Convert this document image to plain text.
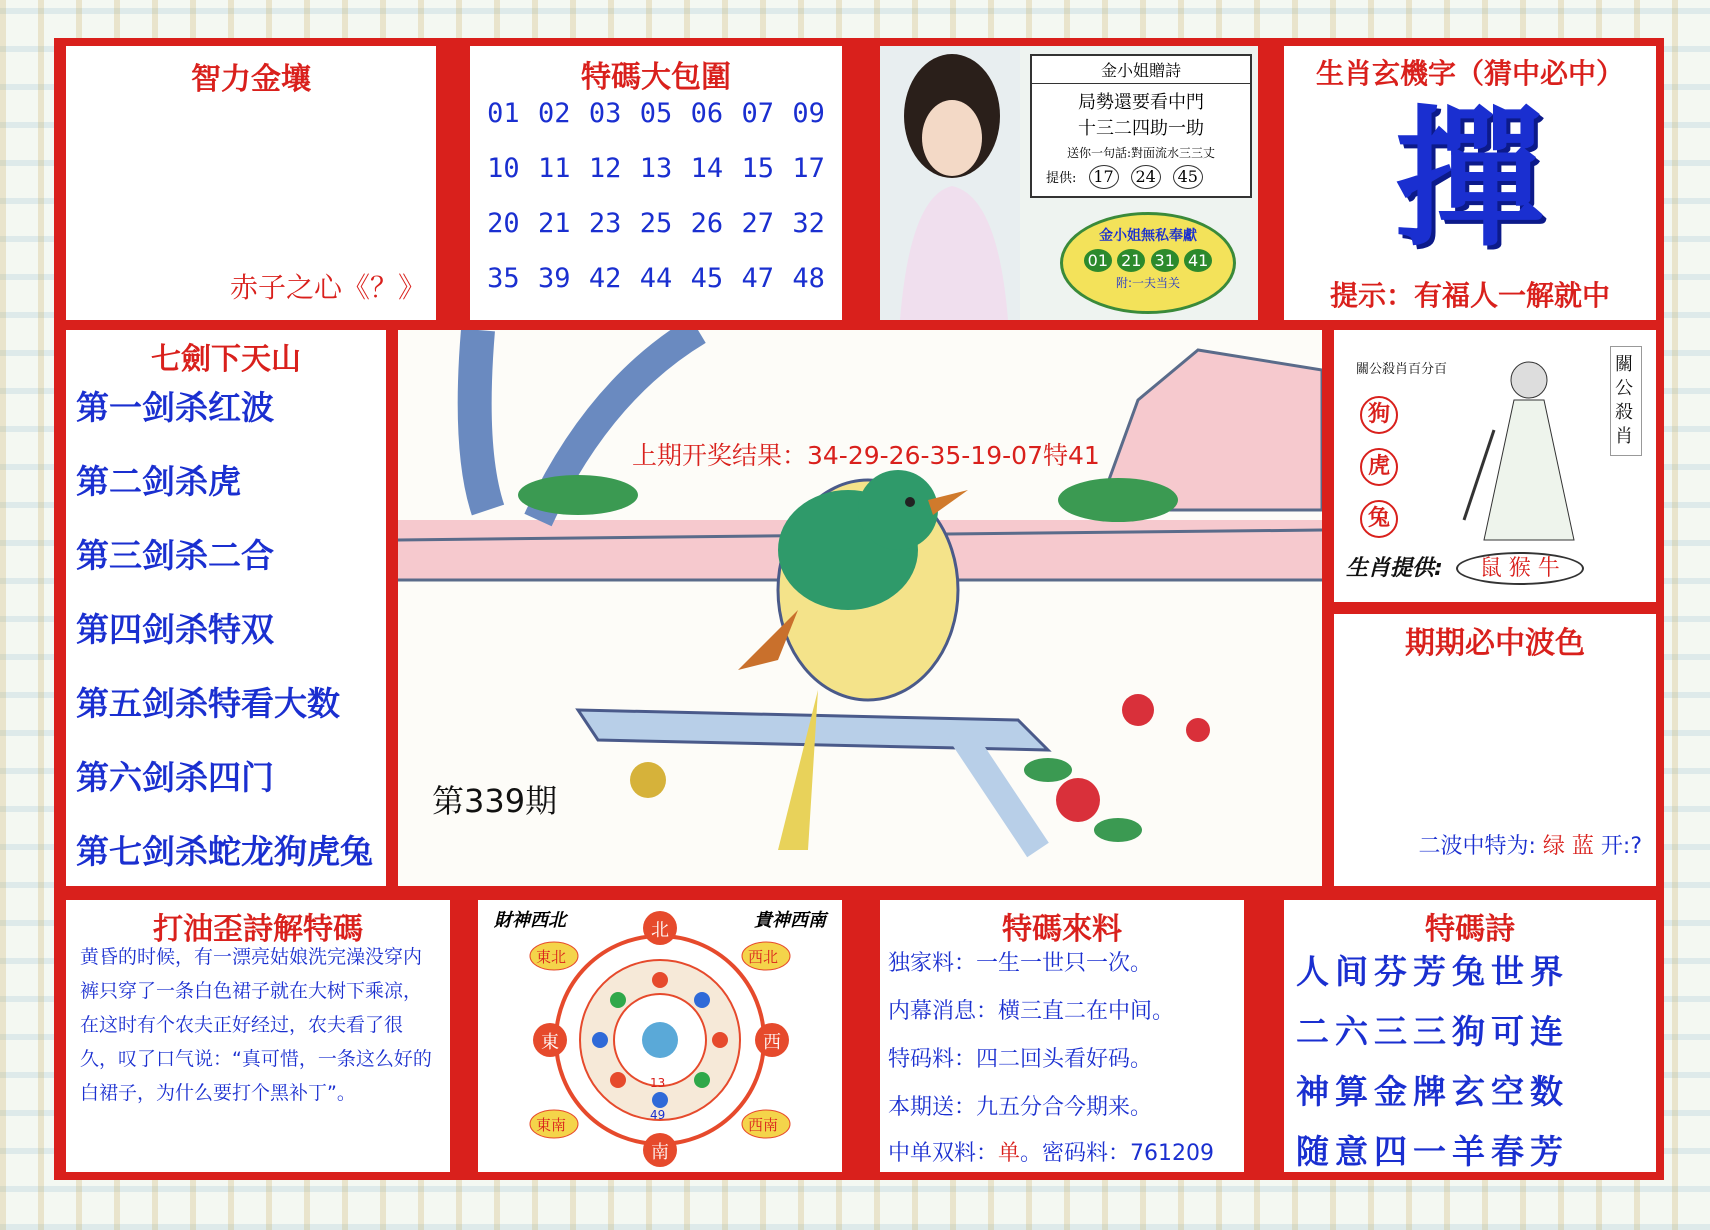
智力金壤
赤子之心《？》
特碼大包圍
01 02 03 05 06 07 09
10 11 12 13 14 15 17
20 21 23 25 26 27 32
35 39 42 44 45 47 48
金小姐贈詩
局勢還要看中門
十三二四助一助
送你一句話:對面流水三三丈
提供: 17 24 45
金小姐無私奉獻
01 21 31 41
附:一夫当关
生肖玄機字（猜中必中）
撣
提示：有福人一解就中
七劍下天山
第一剑杀红波
第二剑杀虎
第三剑杀二合
第四剑杀特双
第五剑杀特看大数
第六剑杀四门
第七剑杀蛇龙狗虎兔
上期开奖结果：34-29-26-35-19-07特41
第339期
關公殺肖百分百	關公殺肖
狗
虎
兔
生肖提供: 鼠 猴 牛
期期必中波色
二波中特为: 绿 蓝 开:?
打油歪詩解特碼
黄昏的时候，有一漂亮姑娘洗完澡没穿内裤只穿了一条白色裙子就在大树下乘凉，在这时有个农夫正好经过，农夫看了很久，叹了口气说：“真可惜，一条这么好的白裙子，为什么要打个黑补丁”。
財神西北	貴神西南
北
南
東	西
東北	西北
東南	西南
13
49
特碼來料
独家料：一生一世只一次。
内幕消息：横三直二在中间。
特码料：四二回头看好码。
本期送：九五分合今期来。
中单双料：单。密码料：761209
特碼詩
人间芬芳兔世界
二六三三狗可连
神算金牌玄空数
随意四一羊春芳
